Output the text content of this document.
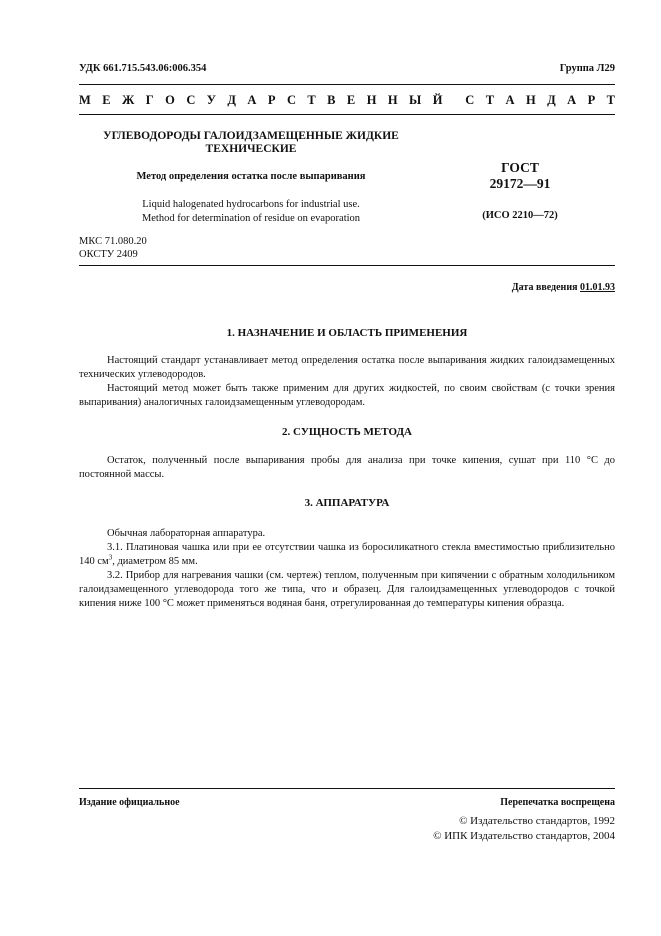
УДК 661.715.543.06:006.354	Группа Л29
М Е Ж Г О С У Д А Р С Т В Е Н Н Ы Й С Т А Н Д А Р Т
УГЛЕВОДОРОДЫ ГАЛОИДЗАМЕЩЕННЫЕ ЖИДКИЕ
ТЕХНИЧЕСКИЕ
Метод определения остатка после выпаривания
Liquid halogenated hydrocarbons for industrial use.
Method for determination of residue on evaporation
ГОСТ
29172—91
(ИСО 2210—72)
МКС 71.080.20
ОКСТУ 2409
Дата введения 01.01.93
1. НАЗНАЧЕНИЕ И ОБЛАСТЬ ПРИМЕНЕНИЯ

Настоящий стандарт устанавливает метод определения остатка после выпаривания жидких галоидзамещенных технических углеводородов.

Настоящий метод может быть также применим для других жидкостей, по своим свойствам (с точки зрения выпаривания) аналогичных галоидзамещенным углеводородам.

2. СУЩНОСТЬ МЕТОДА

Остаток, полученный после выпаривания пробы для анализа при точке кипения, сушат при 110 °С до постоянной массы.

3. АППАРАТУРА

Обычная лабораторная аппаратура.

3.1. Платиновая чашка или при ее отсутствии чашка из боросиликатного стекла вместимостью приблизительно 140 $см^3$, диаметром 85 мм.

3.2. Прибор для нагревания чашки (см. чертеж) теплом, полученным при кипячении с обратным холодильником галоидзамещенного углеводорода того же типа, что и образец. Для галоидзамещенных углеводородов с точкой кипения ниже 100 °С может применяться водяная баня, отрегулированная до температуры кипения образца.

Издание официальное	Перепечатка воспрещена
© Издательство стандартов, 1992
© ИПК Издательство стандартов, 2004
